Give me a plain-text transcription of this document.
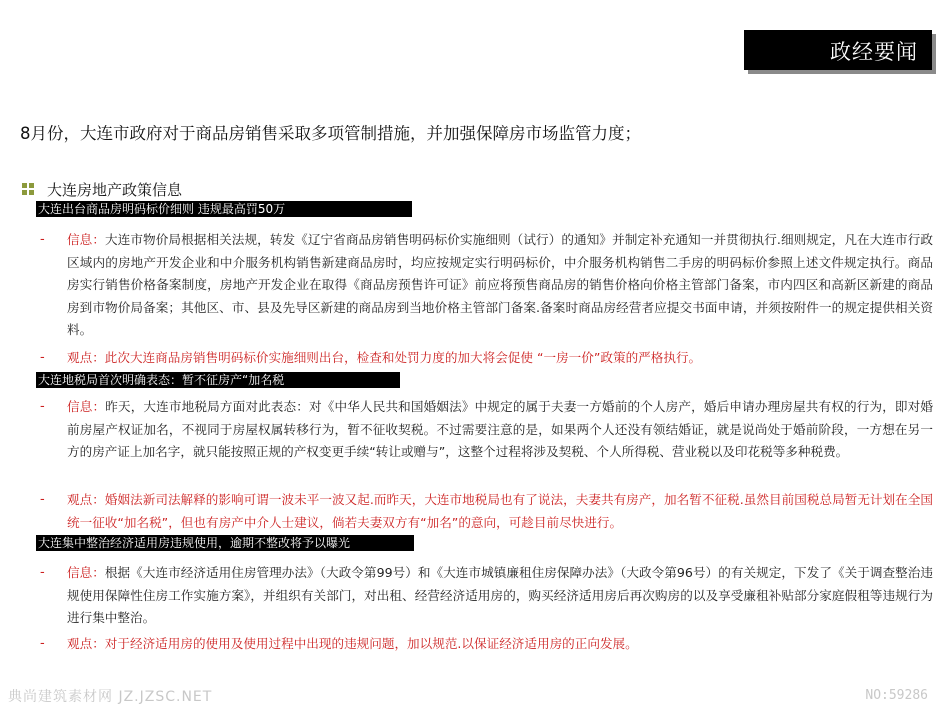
政经要闻
8月份，大连市政府对于商品房销售采取多项管制措施，并加强保障房市场监管力度；
大连房地产政策信息
大连出台商品房明码标价细则 违规最高罚50万
- 信息：大连市物价局根据相关法规，转发《辽宁省商品房销售明码标价实施细则（试行）的通知》并制定补充通知一并贯彻执行.细则规定，凡在大连市行政区域内的房地产开发企业和中介服务机构销售新建商品房时，均应按规定实行明码标价，中介服务机构销售二手房的明码标价参照上述文件规定执行。商品房实行销售价格备案制度，房地产开发企业在取得《商品房预售许可证》前应将预售商品房的销售价格向价格主管部门备案，市内四区和高新区新建的商品房到市物价局备案；其他区、市、县及先导区新建的商品房到当地价格主管部门备案.备案时商品房经营者应提交书面申请，并须按附件一的规定提供相关资料。
- 观点：此次大连商品房销售明码标价实施细则出台，检查和处罚力度的加大将会促使 “一房一价”政策的严格执行。
大连地税局首次明确表态：暂不征房产“加名税
- 信息：昨天，大连市地税局方面对此表态：对《中华人民共和国婚姻法》中规定的属于夫妻一方婚前的个人房产，婚后申请办理房屋共有权的行为，即对婚前房屋产权证加名，不视同于房屋权属转移行为，暂不征收契税。不过需要注意的是，如果两个人还没有领结婚证，就是说尚处于婚前阶段，一方想在另一方的房产证上加名字，就只能按照正规的产权变更手续“转让或赠与”，这整个过程将涉及契税、个人所得税、营业税以及印花税等多种税费。
- 观点：婚姻法新司法解释的影响可谓一波未平一波又起.而昨天，大连市地税局也有了说法，夫妻共有房产，加名暂不征税.虽然目前国税总局暂无计划在全国统一征收“加名税”，但也有房产中介人士建议，倘若夫妻双方有“加名”的意向，可趁目前尽快进行。
大连集中整治经济适用房违规使用，逾期不整改将予以曝光
- 信息：根据《大连市经济适用住房管理办法》（大政令第99号）和《大连市城镇廉租住房保障办法》（大政令第96号）的有关规定，下发了《关于调查整治违规使用保障性住房工作实施方案》，并组织有关部门，对出租、经营经济适用房的，购买经济适用房后再次购房的以及享受廉租补贴部分家庭假租等违规行为进行集中整治。
- 观点：对于经济适用房的使用及使用过程中出现的违规问题，加以规范.以保证经济适用房的正向发展。
典尚建筑素材网 JZ.JZSC.NET	NO:59286
